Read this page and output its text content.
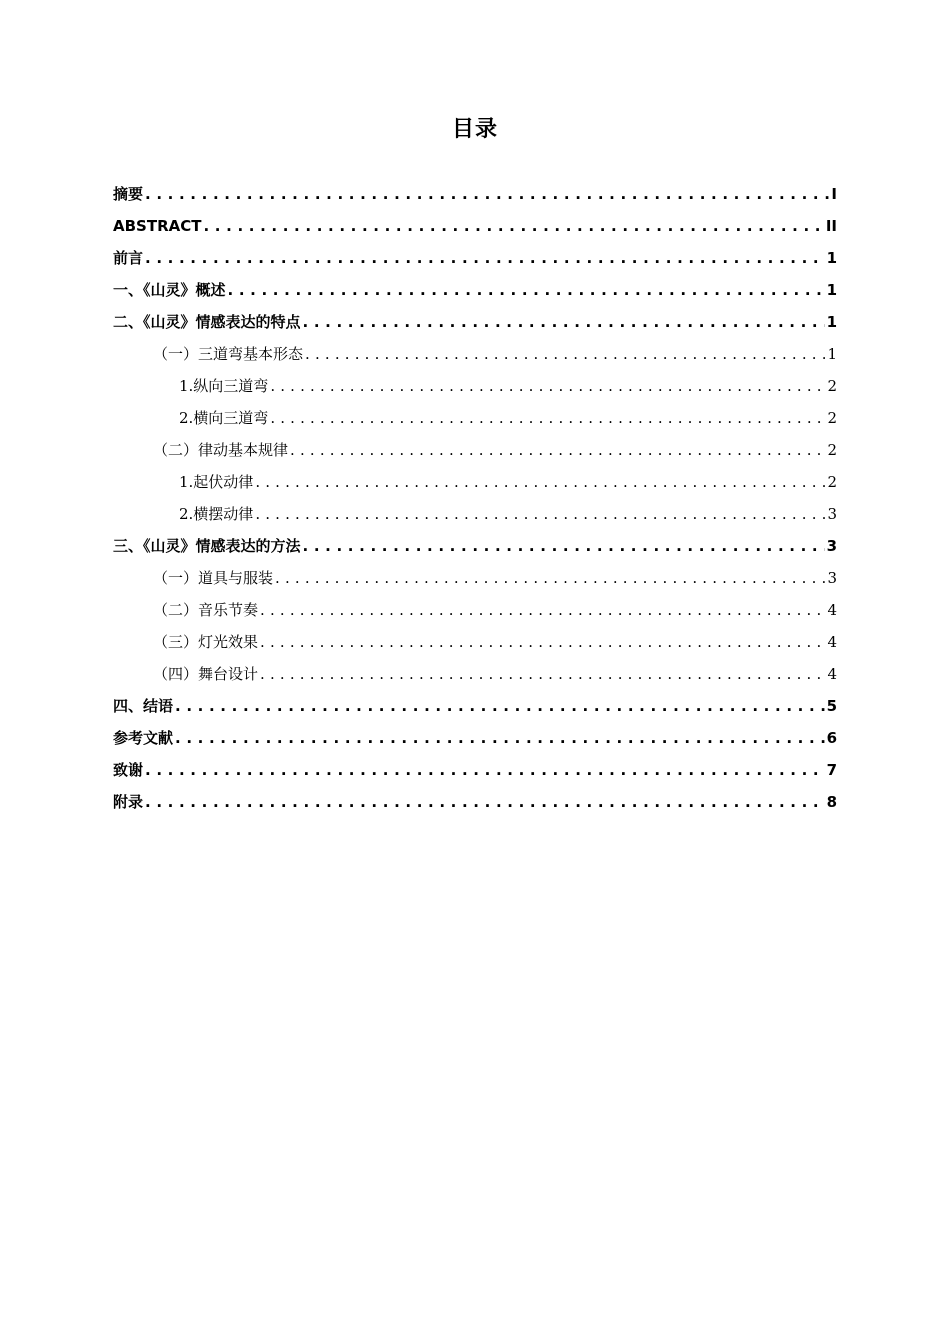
目录
摘要 . . .	I
ABSTRACT . . .	II
前言 . . .	1
一、《山灵》概述 . . .	1
二、《山灵》情感表达的特点 . . .	1
（一）三道弯基本形态 . . .	1
1.纵向三道弯 . . .	2
2.横向三道弯 . . .	2
（二）律动基本规律 . . .	2
1.起伏动律 . . .	2
2.横摆动律 . . .	3
三、《山灵》情感表达的方法 . . .	3
（一）道具与服装 . . .	3
（二）音乐节奏 . . .	4
（三）灯光效果 . . .	4
（四）舞台设计 . . .	4
四、结语 . . .	5
参考文献 . . .	6
致谢 . . .	7
附录 . . .	8
